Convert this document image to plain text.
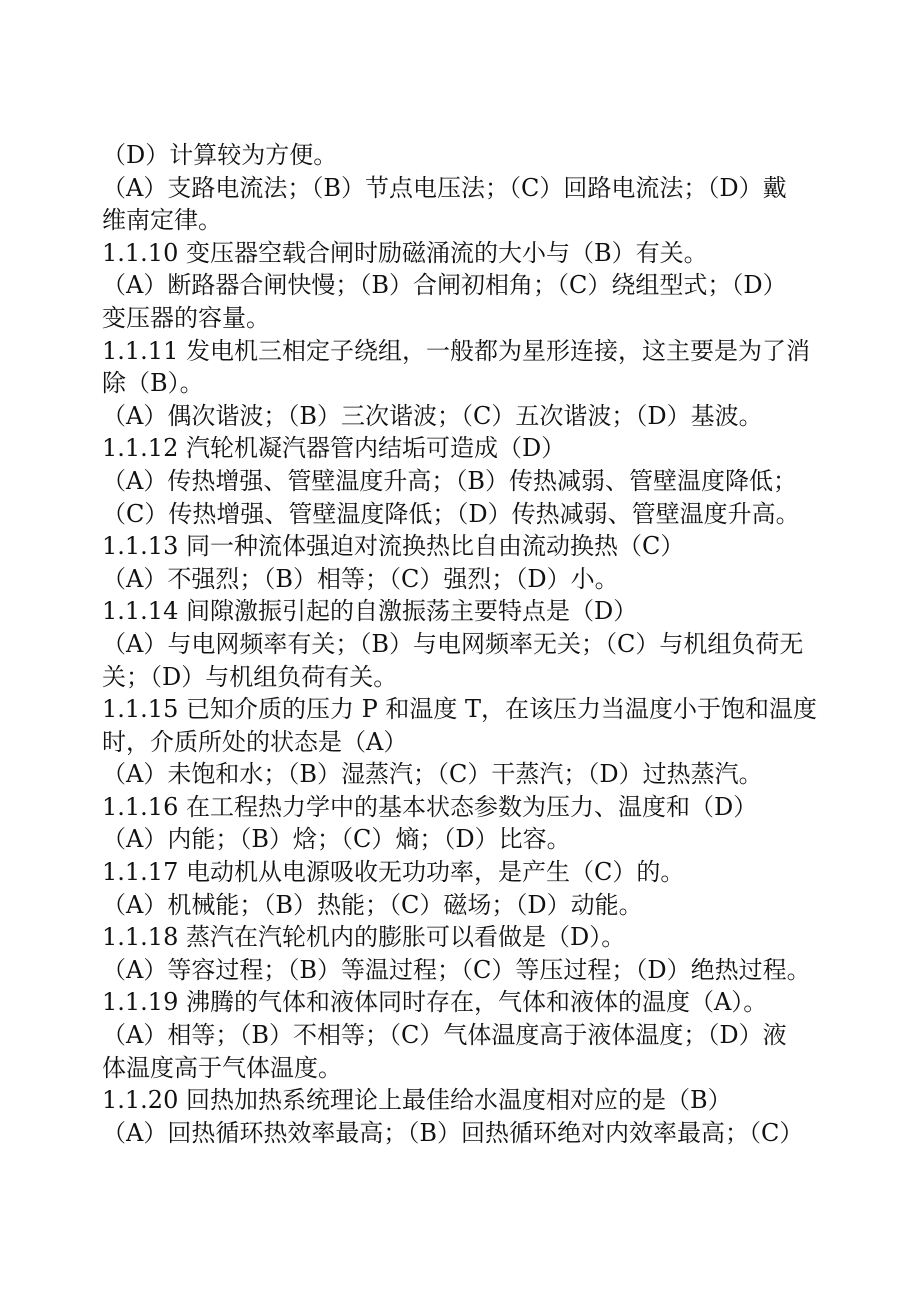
（D）计算较为方便。

（A）支路电流法；（B）节点电压法；（C）回路电流法；（D）戴

维南定律。

1.1.10 变压器空载合闸时励磁涌流的大小与（B）有关。

（A）断路器合闸快慢；（B）合闸初相角；（C）绕组型式；（D）

变压器的容量。

1.1.11 发电机三相定子绕组，一般都为星形连接，这主要是为了消

除（B）。

（A）偶次谐波；（B）三次谐波；（C）五次谐波；（D）基波。

1.1.12 汽轮机凝汽器管内结垢可造成（D）

（A）传热增强、管壁温度升高；（B）传热减弱、管壁温度降低；

（C）传热增强、管壁温度降低；（D）传热减弱、管壁温度升高。

1.1.13 同一种流体强迫对流换热比自由流动换热（C）

（A）不强烈；（B）相等；（C）强烈；（D）小。

1.1.14 间隙激振引起的自激振荡主要特点是（D）

（A）与电网频率有关；（B）与电网频率无关；（C）与机组负荷无

关；（D）与机组负荷有关。

1.1.15 已知介质的压力 P 和温度 T，在该压力当温度小于饱和温度

时，介质所处的状态是（A）

（A）未饱和水；（B）湿蒸汽；（C）干蒸汽；（D）过热蒸汽。

1.1.16 在工程热力学中的基本状态参数为压力、温度和（D）

（A）内能；（B）焓；（C）熵；（D）比容。

1.1.17 电动机从电源吸收无功功率，是产生（C）的。

（A）机械能；（B）热能；（C）磁场；（D）动能。

1.1.18 蒸汽在汽轮机内的膨胀可以看做是（D）。

（A）等容过程；（B）等温过程；（C）等压过程；（D）绝热过程。

1.1.19 沸腾的气体和液体同时存在，气体和液体的温度（A）。

（A）相等；（B）不相等；（C）气体温度高于液体温度；（D）液

体温度高于气体温度。

1.1.20 回热加热系统理论上最佳给水温度相对应的是（B）

（A）回热循环热效率最高；（B）回热循环绝对内效率最高；（C）
